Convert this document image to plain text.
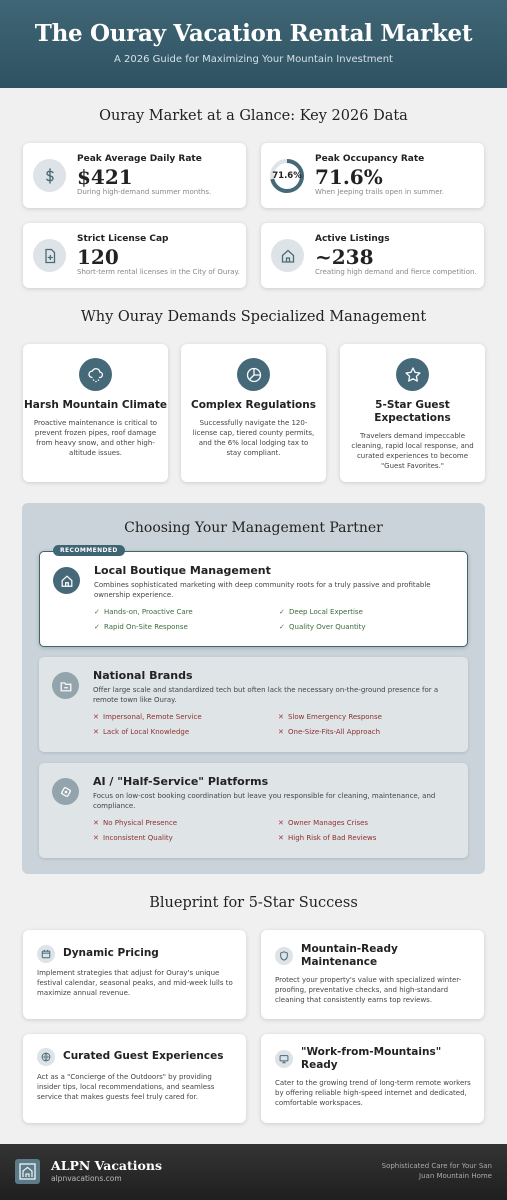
The Ouray Vacation Rental Market

A 2026 Guide for Maximizing Your Mountain Investment

Ouray Market at a Glance: Key 2026 Data
Peak Average Daily Rate
$421
During high-demand summer months.
71.6%
Peak Occupancy Rate
71.6%
When Jeeping trails open in summer.
Strict License Cap
120
Short-term rental licenses in the City of Ouray.
Active Listings
~238
Creating high demand and fierce competition.
Why Ouray Demands Specialized Management
Harsh Mountain Climate

Proactive maintenance is critical to prevent frozen pipes, roof damage from heavy snow, and other high-altitude issues.

Complex Regulations

Successfully navigate the 120-license cap, tiered county permits, and the 6% local lodging tax to stay compliant.

5-Star Guest Expectations

Travelers demand impeccable cleaning, rapid local response, and curated experiences to become "Guest Favorites."

Choosing Your Management Partner
Local Boutique Management
Combines sophisticated marketing with deep community roots for a truly passive and profitable ownership experience.
✓ Hands-on, Proactive Care	✓ Deep Local Expertise
✓ Rapid On-Site Response	✓ Quality Over Quantity
RECOMMENDED
National Brands
Offer large scale and standardized tech but often lack the necessary on-the-ground presence for a remote town like Ouray.
✕ Impersonal, Remote Service	✕ Slow Emergency Response
✕ Lack of Local Knowledge	✕ One-Size-Fits-All Approach
AI / "Half-Service" Platforms
Focus on low-cost booking coordination but leave you responsible for cleaning, maintenance, and compliance.
✕ No Physical Presence	✕ Owner Manages Crises
✕ Inconsistent Quality	✕ High Risk of Bad Reviews
Blueprint for 5-Star Success
Dynamic Pricing

Implement strategies that adjust for Ouray's unique festival calendar, seasonal peaks, and mid-week lulls to maximize annual revenue.

Mountain-Ready Maintenance

Protect your property's value with specialized winter-proofing, preventative checks, and high-standard cleaning that consistently earns top reviews.

Curated Guest Experiences

Act as a "Concierge of the Outdoors" by providing insider tips, local recommendations, and seamless service that makes guests feel truly cared for.

"Work-from-Mountains" Ready

Cater to the growing trend of long-term remote workers by offering reliable high-speed internet and dedicated, comfortable workspaces.

ALPN Vacations
alpnvacations.com
Sophisticated Care for Your San Juan Mountain Home
